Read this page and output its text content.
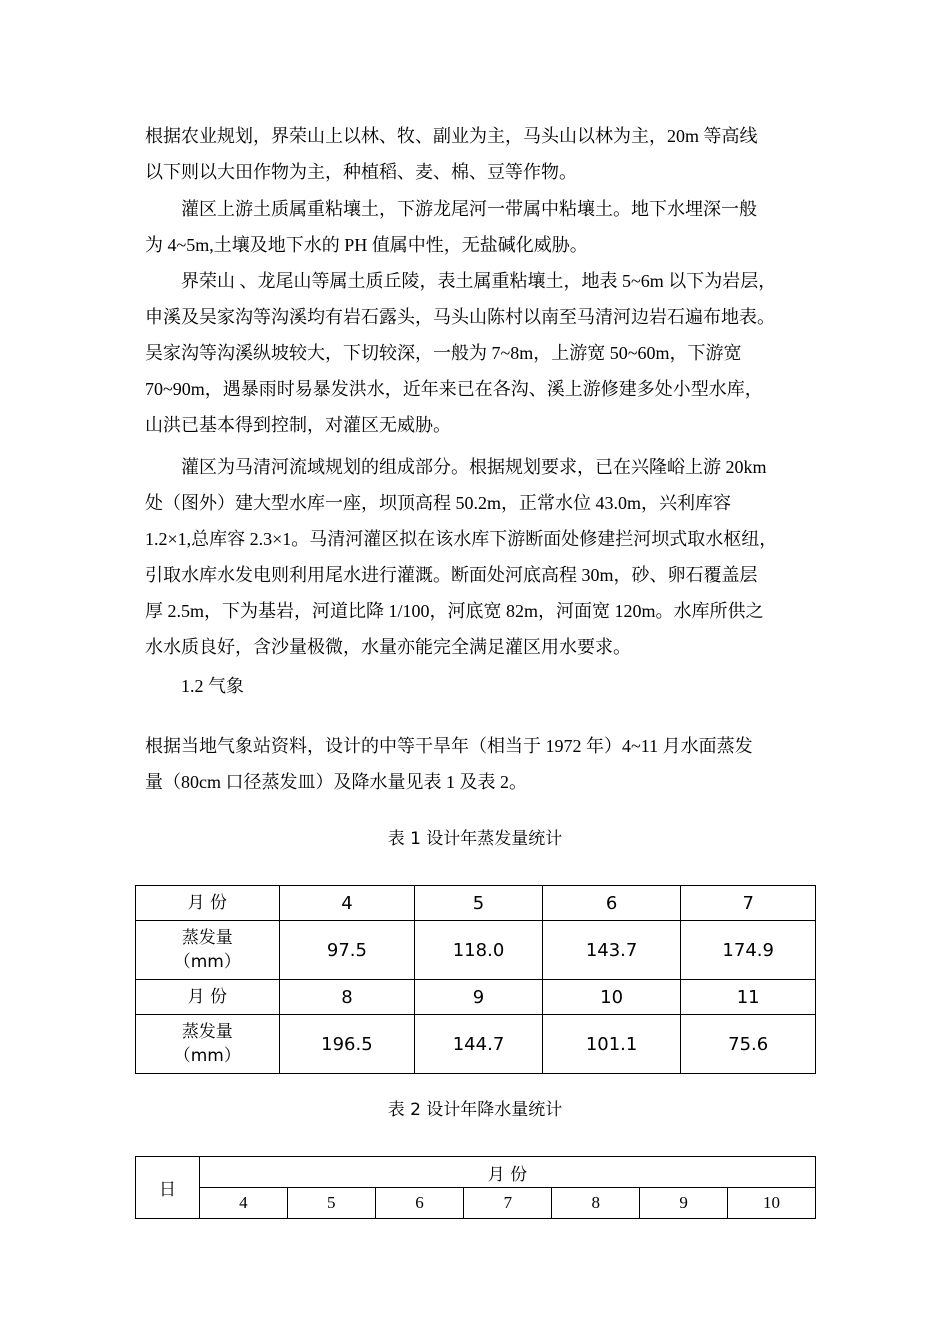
根据农业规划，界荣山上以林、牧、副业为主，马头山以林为主，20m 等高线
以下则以大田作物为主，种植稻、麦、棉、豆等作物。

灌区上游土质属重粘壤土，下游龙尾河一带属中粘壤土。地下水埋深一般
为 4~5m,土壤及地下水的 PH 值属中性，无盐碱化威胁。

界荣山 、龙尾山等属土质丘陵，表土属重粘壤土，地表 5~6m 以下为岩层，
申溪及吴家沟等沟溪均有岩石露头，马头山陈村以南至马清河边岩石遍布地表。
吴家沟等沟溪纵坡较大，下切较深，一般为 7~8m，上游宽 50~60m，下游宽
70~90m，遇暴雨时易暴发洪水，近年来已在各沟、溪上游修建多处小型水库，
山洪已基本得到控制，对灌区无威胁。

灌区为马清河流域规划的组成部分。根据规划要求，已在兴隆峪上游 20km
处（图外）建大型水库一座，坝顶高程 50.2m，正常水位 43.0m，兴利库容
1.2×1,总库容 2.3×1。马清河灌区拟在该水库下游断面处修建拦河坝式取水枢纽，
引取水库水发电则利用尾水进行灌溉。断面处河底高程 30m，砂、卵石覆盖层
厚 2.5m，下为基岩，河道比降 1/100，河底宽 82m，河面宽 120m。水库所供之
水水质良好，含沙量极微，水量亦能完全满足灌区用水要求。

1.2 气象

根据当地气象站资料，设计的中等干旱年（相当于 1972 年）4~11 月水面蒸发
量（80cm 口径蒸发皿）及降水量见表 1 及表 2。

表 1 设计年蒸发量统计

月 份	4	5	6	7
蒸发量
（mm）	97.5	118.0	143.7	174.9
月 份	8	9	10	11
蒸发量
（mm）	196.5	144.7	101.1	75.6

表 2 设计年降水量统计

日	月 份						
	4	5	6	7	8	9	10
